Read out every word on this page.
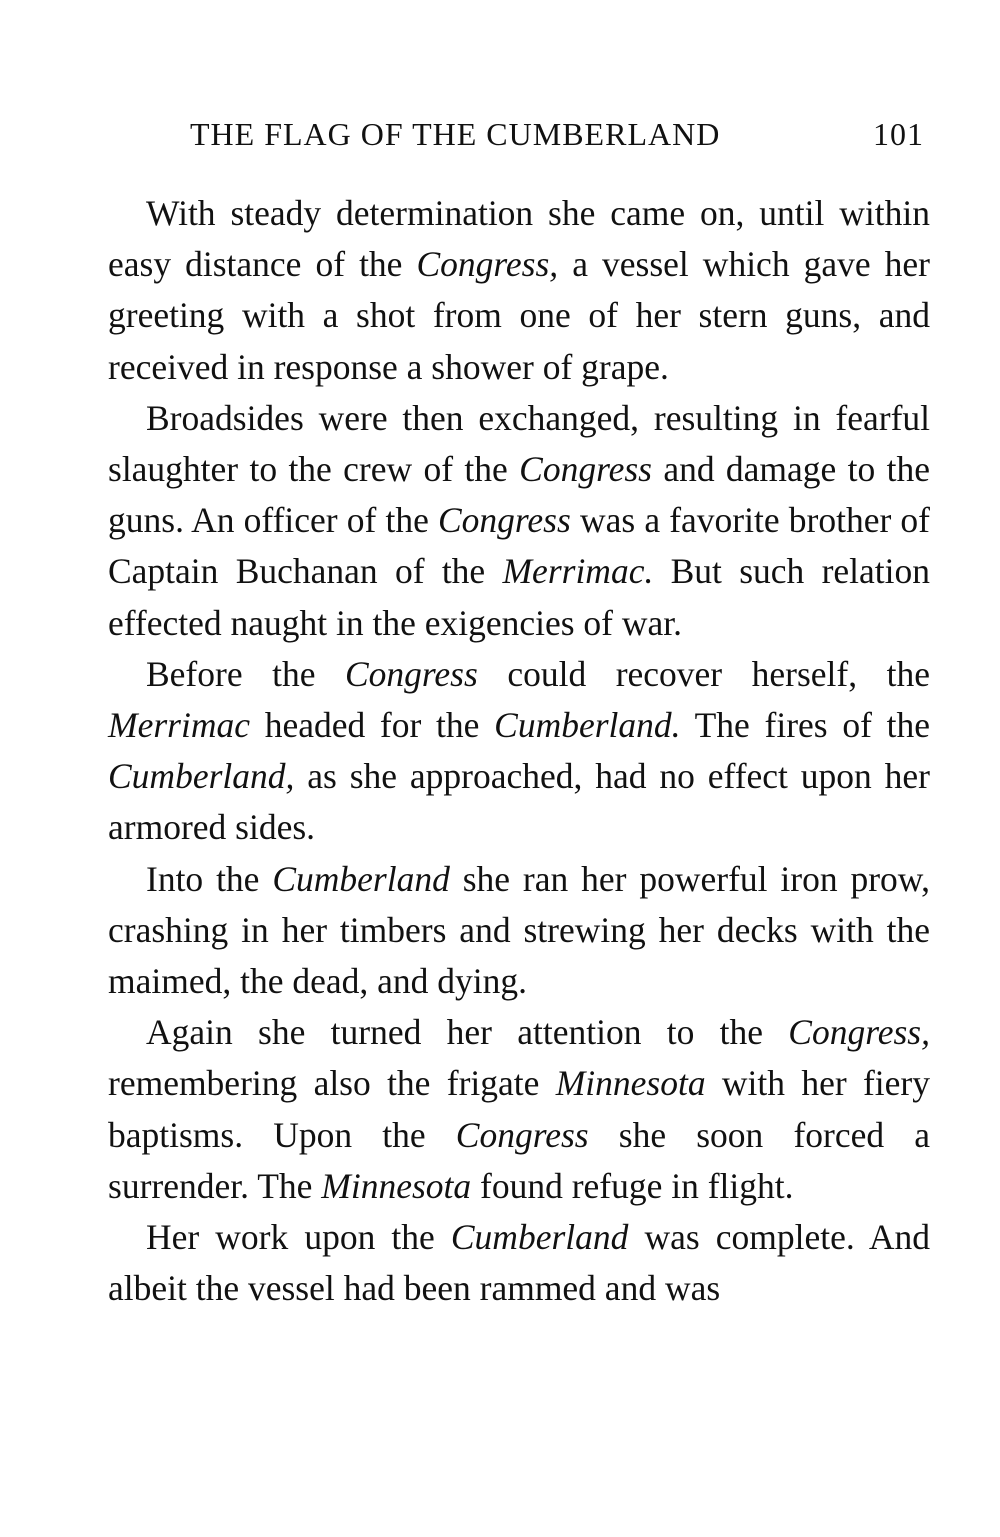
THE FLAG OF THE CUMBERLAND	101

With steady determination she came on, until within easy distance of the Congress, a vessel which gave her greeting with a shot from one of her stern guns, and received in response a shower of grape.

Broadsides were then exchanged, resulting in fearful slaughter to the crew of the Congress and damage to the guns. An officer of the Congress was a favorite brother of Captain Buchanan of the Merrimac. But such relation effected naught in the exigencies of war.

Before the Congress could recover herself, the Merrimac headed for the Cumberland. The fires of the Cumberland, as she approached, had no effect upon her armored sides.

Into the Cumberland she ran her powerful iron prow, crashing in her timbers and strewing her decks with the maimed, the dead, and dying.

Again she turned her attention to the Congress, remembering also the frigate Minnesota with her fiery baptisms. Upon the Congress she soon forced a surrender. The Minnesota found refuge in flight.

Her work upon the Cumberland was complete. And albeit the vessel had been rammed and was
